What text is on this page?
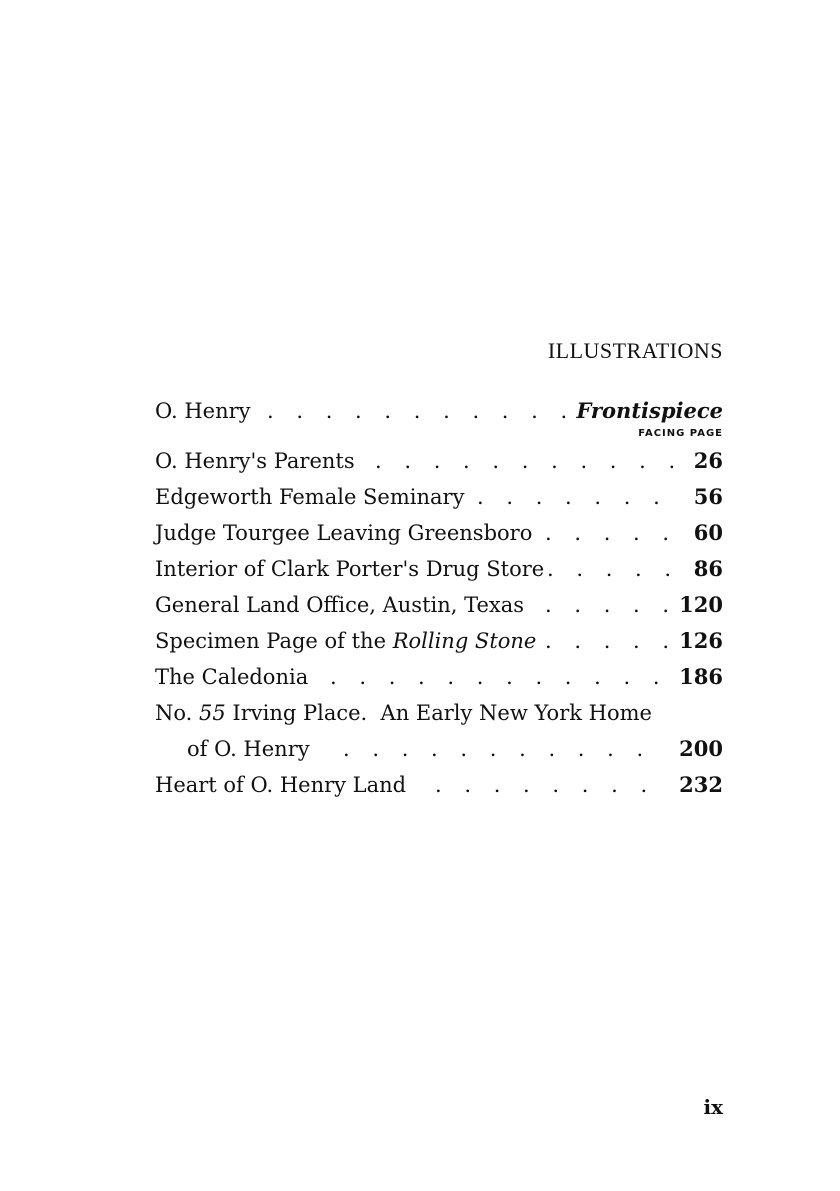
ILLUSTRATIONS
O. Henry . . . . . . . . . . . .
Frontispiece
FACING PAGE
O. Henry's Parents . . . . . . . . . . . 26
Edgeworth Female Seminary . . . . . . . 56
Judge Tourgee Leaving Greensboro . . . . . 60
Interior of Clark Porter's Drug Store . . . . . 86
General Land Office, Austin, Texas . . . . . 120
Specimen Page of the Rolling Stone . . . . . 126
The Caledonia . . . . . . . . . . . . 186
No. 55 Irving Place.  An Early New York Home
of O. Henry . . . . . . . . . . . 200
Heart of O. Henry Land . . . . . . . . 232
ix
